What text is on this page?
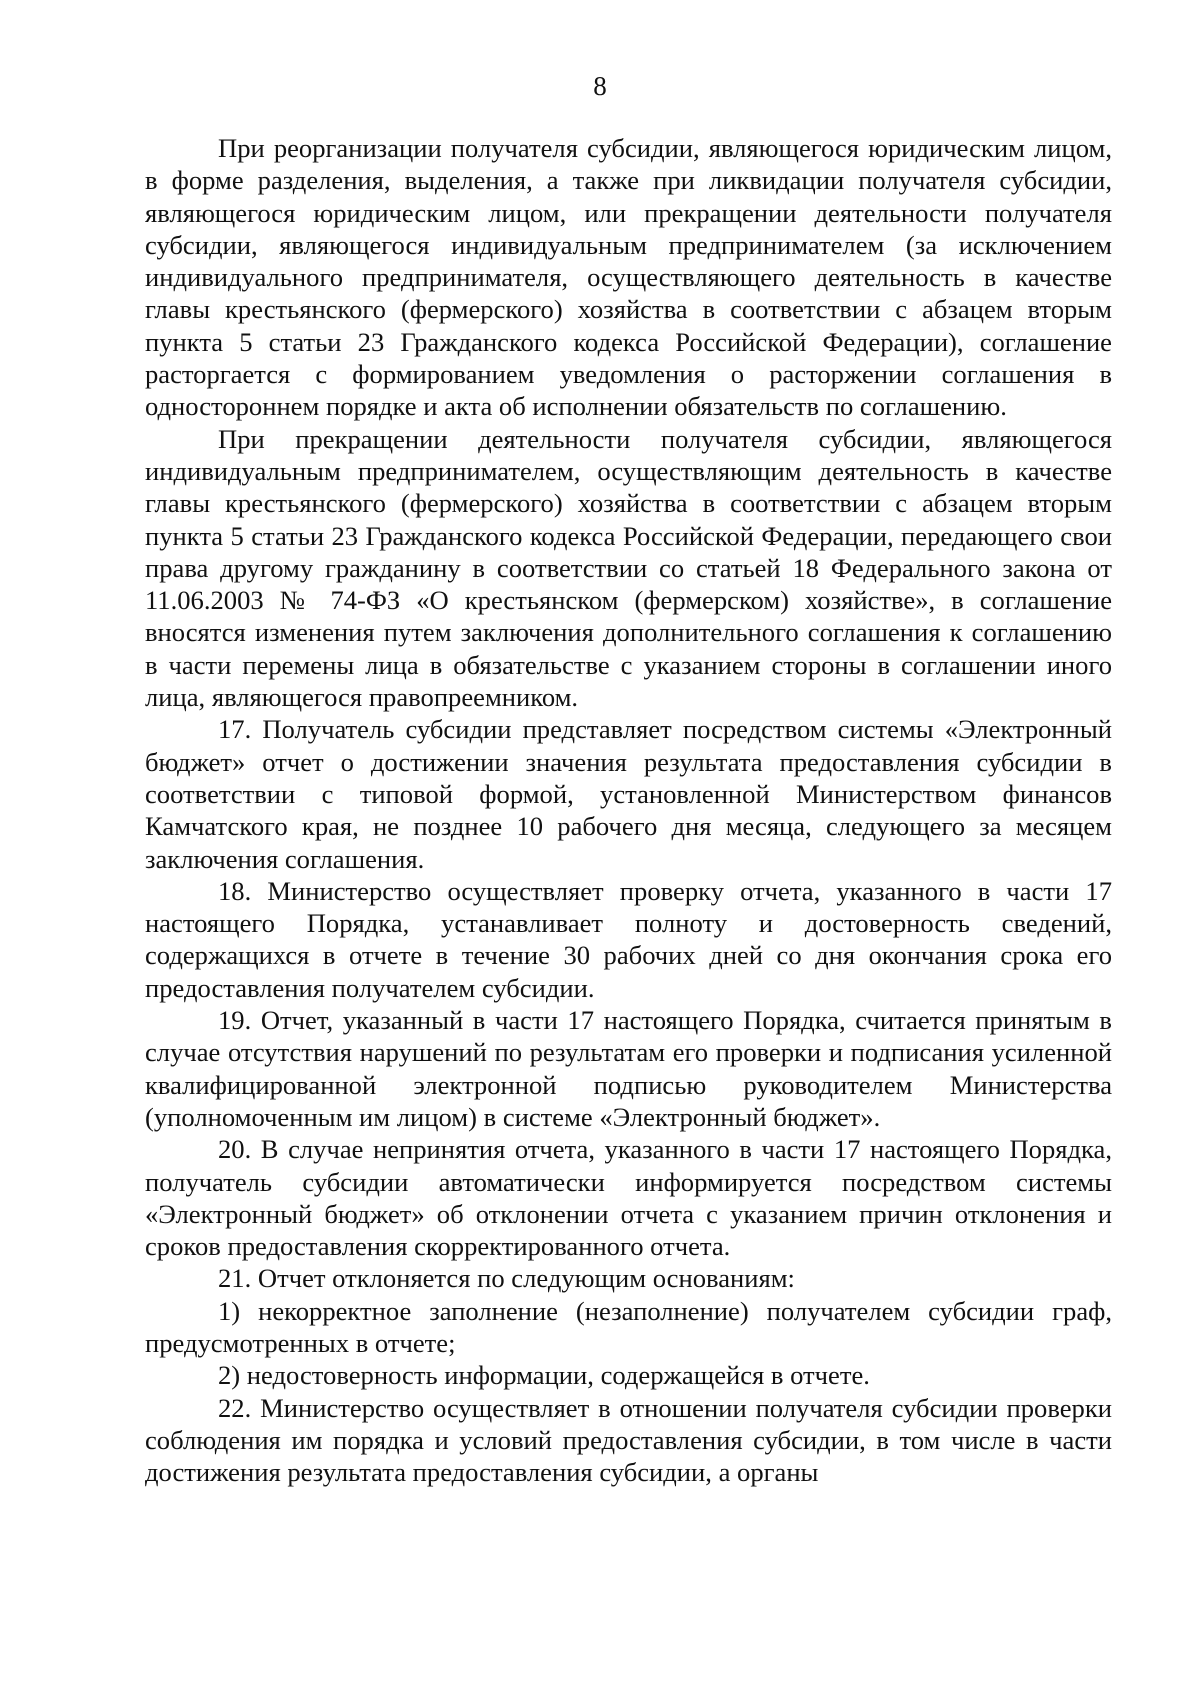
8

При реорганизации получателя субсидии, являющегося юридическим лицом, в форме разделения, выделения, а также при ликвидации получателя субсидии, являющегося юридическим лицом, или прекращении деятельности получателя субсидии, являющегося индивидуальным предпринимателем (за исключением индивидуального предпринимателя, осуществляющего деятельность в качестве главы крестьянского (фермерского) хозяйства в соответствии с абзацем вторым пункта 5 статьи 23 Гражданского кодекса Российской Федерации), соглашение расторгается с формированием уведомления о расторжении соглашения в одностороннем порядке и акта об исполнении обязательств по соглашению.

При прекращении деятельности получателя субсидии, являющегося индивидуальным предпринимателем, осуществляющим деятельность в качестве главы крестьянского (фермерского) хозяйства в соответствии с абзацем вторым пункта 5 статьи 23 Гражданского кодекса Российской Федерации, передающего свои права другому гражданину в соответствии со статьей 18 Федерального закона от 11.06.2003 № 74-ФЗ «О крестьянском (фермерском) хозяйстве», в соглашение вносятся изменения путем заключения дополнительного соглашения к соглашению в части перемены лица в обязательстве с указанием стороны в соглашении иного лица, являющегося правопреемником.

17. Получатель субсидии представляет посредством системы «Электронный бюджет» отчет о достижении значения результата предоставления субсидии в соответствии с типовой формой, установленной Министерством финансов Камчатского края, не позднее 10 рабочего дня месяца, следующего за месяцем заключения соглашения.

18. Министерство осуществляет проверку отчета, указанного в части 17 настоящего Порядка, устанавливает полноту и достоверность сведений, содержащихся в отчете в течение 30 рабочих дней со дня окончания срока его предоставления получателем субсидии.

19. Отчет, указанный в части 17 настоящего Порядка, считается принятым в случае отсутствия нарушений по результатам его проверки и подписания усиленной квалифицированной электронной подписью руководителем Министерства (уполномоченным им лицом) в системе «Электронный бюджет».

20. В случае непринятия отчета, указанного в части 17 настоящего Порядка, получатель субсидии автоматически информируется посредством системы «Электронный бюджет» об отклонении отчета с указанием причин отклонения и сроков предоставления скорректированного отчета.

21. Отчет отклоняется по следующим основаниям:

1) некорректное заполнение (незаполнение) получателем субсидии граф, предусмотренных в отчете;

2) недостоверность информации, содержащейся в отчете.

22. Министерство осуществляет в отношении получателя субсидии проверки соблюдения им порядка и условий предоставления субсидии, в том числе в части достижения результата предоставления субсидии, а органы
